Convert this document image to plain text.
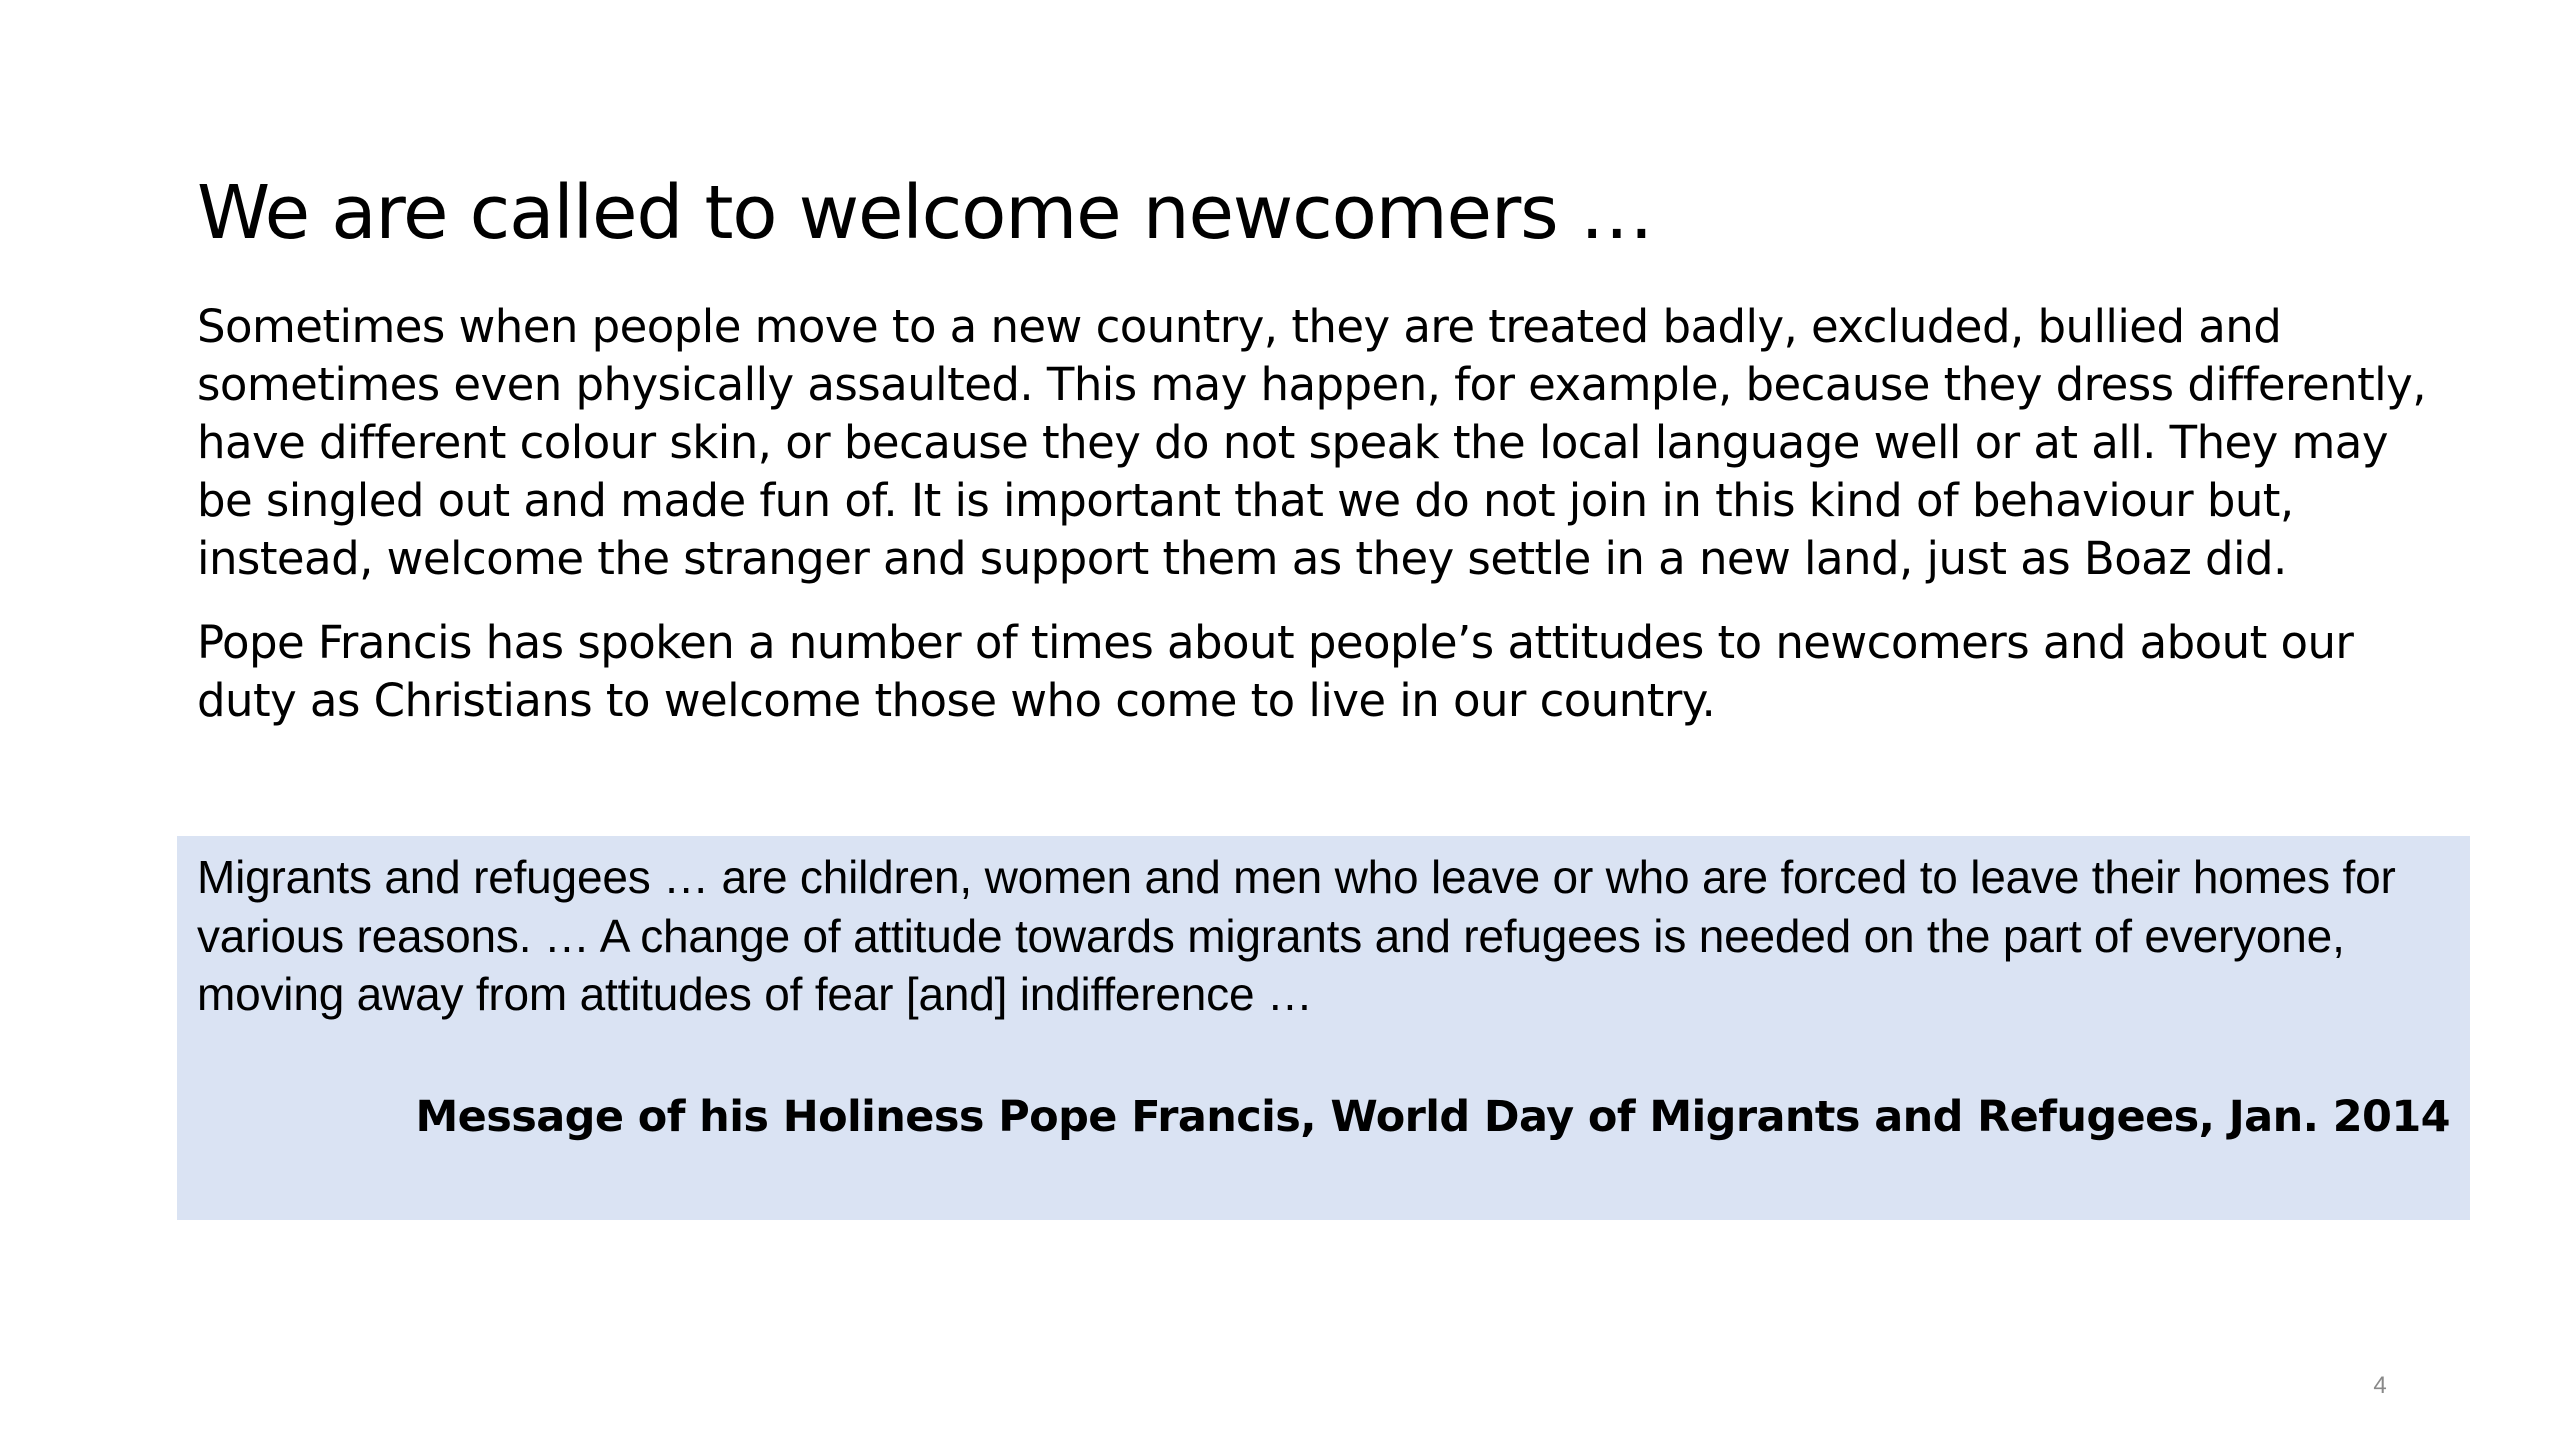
We are called to welcome newcomers …

Sometimes when people move to a new country, they are treated badly, excluded, bullied and sometimes even physically assaulted. This may happen, for example, because they dress differently, have different colour skin, or because they do not speak the local language well or at all. They may be singled out and made fun of. It is important that we do not join in this kind of behaviour but, instead, welcome the stranger and support them as they settle in a new land, just as Boaz did.

Pope Francis has spoken a number of times about people’s attitudes to newcomers and about our duty as Christians to welcome those who come to live in our country.

Migrants and refugees … are children, women and men who leave or who are forced to leave their homes for various reasons. … A change of attitude towards migrants and refugees is needed on the part of everyone, moving away from attitudes of fear [and] indifference …

Message of his Holiness Pope Francis, World Day of Migrants and Refugees, Jan. 2014

4
